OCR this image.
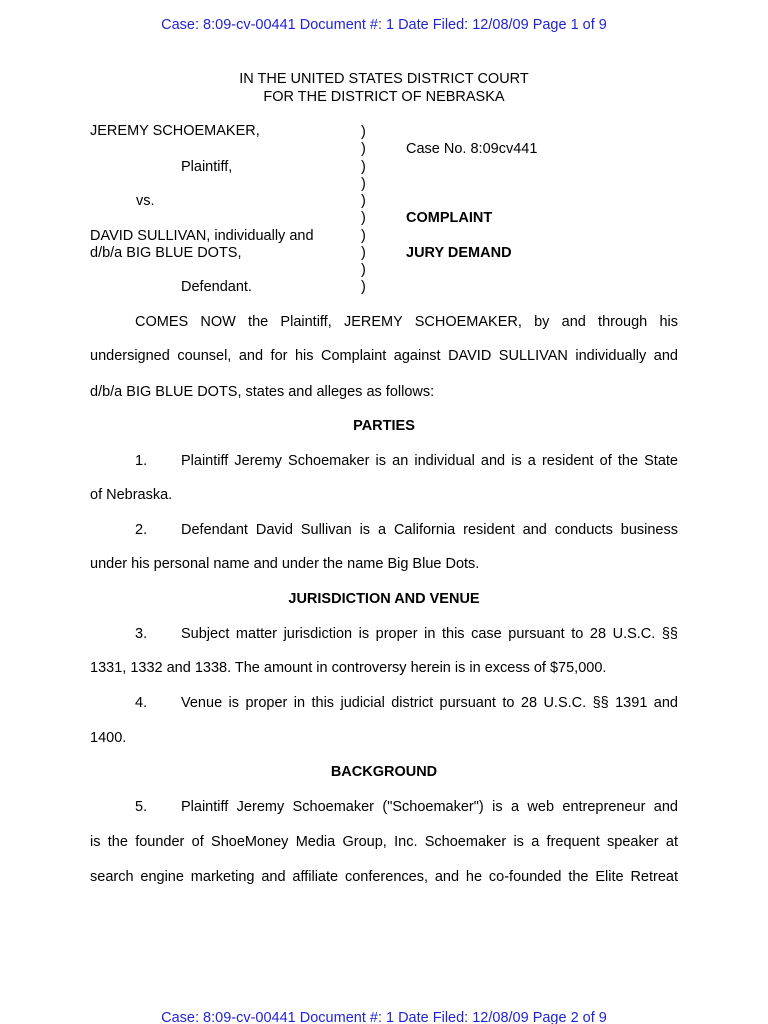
Case: 8:09-cv-00441 Document #: 1 Date Filed: 12/08/09 Page 1 of 9
IN THE UNITED STATES DISTRICT COURT
FOR THE DISTRICT OF NEBRASKA
JEREMY SCHOEMAKER,
Plaintiff,
vs.
DAVID SULLIVAN, individually and
d/b/a BIG BLUE DOTS,
Defendant.
)
)
)
)
)
)
)
)
)
)
Case No. 8:09cv441
COMPLAINT
JURY DEMAND
COMES NOW the Plaintiff, JEREMY SCHOEMAKER, by and through his
undersigned counsel, and for his Complaint against DAVID SULLIVAN individually and
d/b/a BIG BLUE DOTS, states and alleges as follows:
PARTIES
1. Plaintiff Jeremy Schoemaker is an individual and is a resident of the State
of Nebraska.
2. Defendant David Sullivan is a California resident and conducts business
under his personal name and under the name Big Blue Dots.
JURISDICTION AND VENUE
3. Subject matter jurisdiction is proper in this case pursuant to 28 U.S.C. §§
1331, 1332 and 1338. The amount in controversy herein is in excess of $75,000.
4. Venue is proper in this judicial district pursuant to 28 U.S.C. §§ 1391 and
1400.
BACKGROUND
5. Plaintiff Jeremy Schoemaker ("Schoemaker") is a web entrepreneur and
is the founder of ShoeMoney Media Group, Inc. Schoemaker is a frequent speaker at
search engine marketing and affiliate conferences, and he co-founded the Elite Retreat
Case: 8:09-cv-00441 Document #: 1 Date Filed: 12/08/09 Page 2 of 9
